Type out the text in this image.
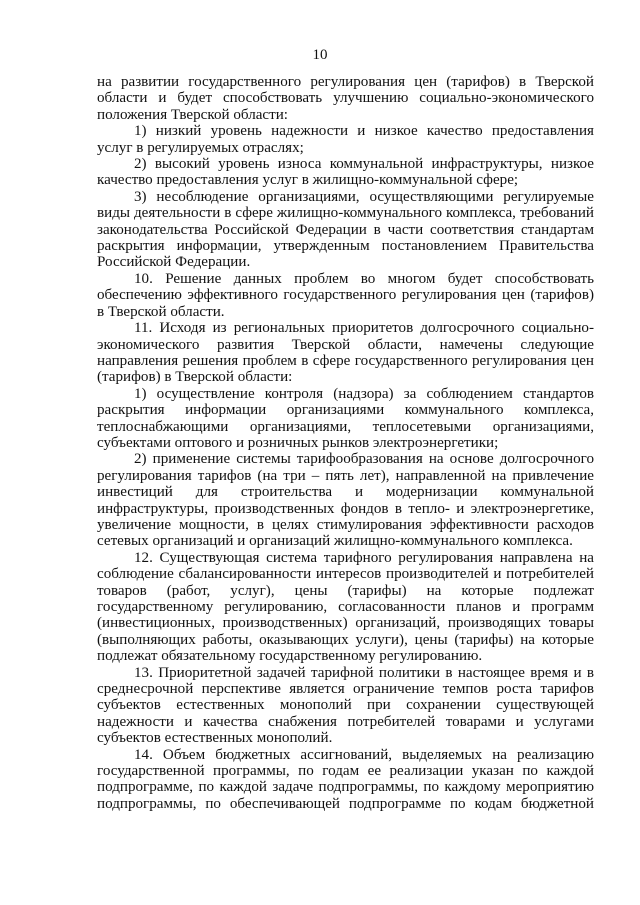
10

на развитии государственного регулирования цен (тарифов) в Тверской области и будет способствовать улучшению социально-экономического положения Тверской области:

1) низкий уровень надежности и низкое качество предоставления услуг в регулируемых отраслях;

2) высокий уровень износа коммунальной инфраструктуры, низкое качество предоставления услуг в жилищно-коммунальной сфере;

3) несоблюдение организациями, осуществляющими регулируемые виды деятельности в сфере жилищно-коммунального комплекса, требований законодательства Российской Федерации в части соответствия стандартам раскрытия информации, утвержденным постановлением Правительства Российской Федерации.

10. Решение данных проблем во многом будет способствовать обеспечению эффективного государственного регулирования цен (тарифов) в Тверской области.

11. Исходя из региональных приоритетов долгосрочного социально-экономического развития Тверской области, намечены следующие направления решения проблем в сфере государственного регулирования цен (тарифов) в Тверской области:

1) осуществление контроля (надзора) за соблюдением стандартов раскрытия информации организациями коммунального комплекса, теплоснабжающими организациями, теплосетевыми организациями, субъектами оптового и розничных рынков электроэнергетики;

2) применение системы тарифообразования на основе долгосрочного регулирования тарифов (на три – пять лет), направленной на привлечение инвестиций для строительства и модернизации коммунальной инфраструктуры, производственных фондов в тепло- и электроэнергетике, увеличение мощности, в целях стимулирования эффективности расходов сетевых организаций и организаций жилищно-коммунального комплекса.

12. Существующая система тарифного регулирования направлена на соблюдение сбалансированности интересов производителей и потребителей товаров (работ, услуг), цены (тарифы) на которые подлежат государственному регулированию, согласованности планов и программ (инвестиционных, производственных) организаций, производящих товары (выполняющих работы, оказывающих услуги), цены (тарифы) на которые подлежат обязательному государственному регулированию.

13. Приоритетной задачей тарифной политики в настоящее время и в среднесрочной перспективе является ограничение темпов роста тарифов субъектов естественных монополий при сохранении существующей надежности и качества снабжения потребителей товарами и услугами субъектов естественных монополий.

14. Объем бюджетных ассигнований, выделяемых на реализацию государственной программы, по годам ее реализации указан по каждой подпрограмме, по каждой задаче подпрограммы, по каждому мероприятию подпрограммы, по обеспечивающей подпрограмме по кодам бюджетной
